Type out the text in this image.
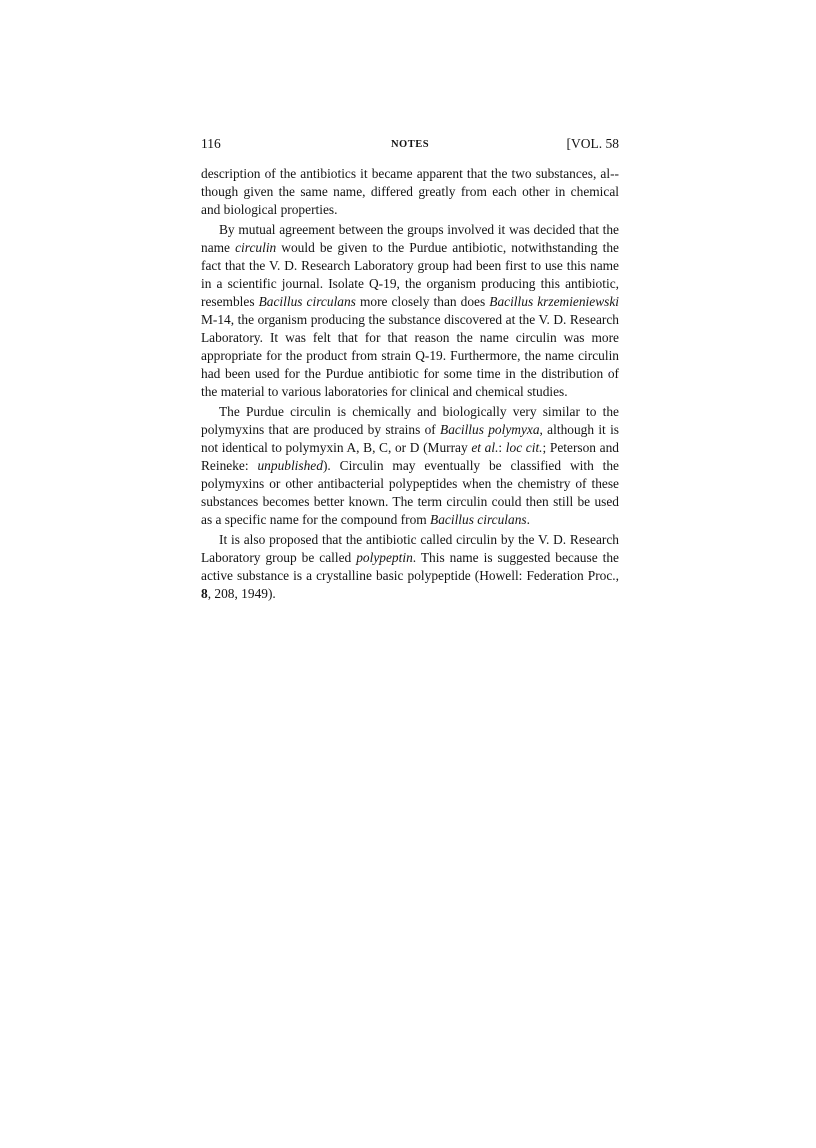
116	NOTES	[VOL. 58

description of the antibiotics it became apparent that the two substances, al-though given the same name, differed greatly from each other in chemical and biological properties.

By mutual agreement between the groups involved it was decided that the name circulin would be given to the Purdue antibiotic, notwithstanding the fact that the V. D. Research Laboratory group had been first to use this name in a scientific journal. Isolate Q-19, the organism producing this antibiotic, resembles Bacillus circulans more closely than does Bacillus krzemieniewski M-14, the organism producing the substance discovered at the V. D. Research Laboratory. It was felt that for that reason the name circulin was more appropriate for the product from strain Q-19. Furthermore, the name circulin had been used for the Purdue antibiotic for some time in the distribution of the material to various laboratories for clinical and chemical studies.

The Purdue circulin is chemically and biologically very similar to the polymyxins that are produced by strains of Bacillus polymyxa, although it is not identical to polymyxin A, B, C, or D (Murray et al.: loc cit.; Peterson and Reineke: unpublished). Circulin may eventually be classified with the polymyxins or other antibacterial polypeptides when the chemistry of these substances becomes better known. The term circulin could then still be used as a specific name for the compound from Bacillus circulans.

It is also proposed that the antibiotic called circulin by the V. D. Research Laboratory group be called polypeptin. This name is suggested because the active substance is a crystalline basic polypeptide (Howell: Federation Proc., 8, 208, 1949).
